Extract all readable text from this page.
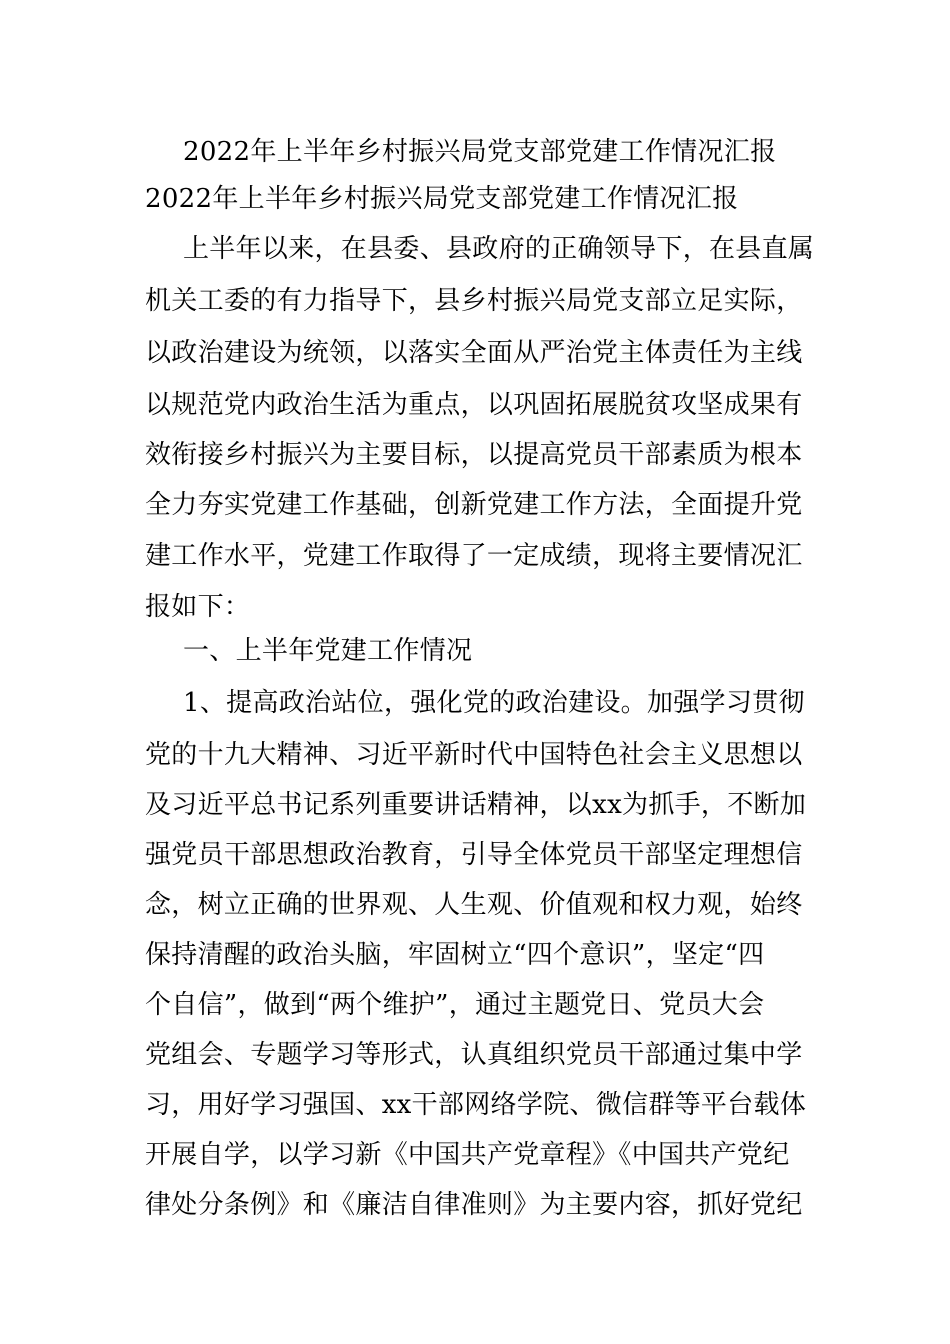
2022年上半年乡村振兴局党支部党建工作情况汇报
2022年上半年乡村振兴局党支部党建工作情况汇报
上半年以来，在县委、县政府的正确领导下，在县直属
机关工委的有力指导下，县乡村振兴局党支部立足实际，
以政治建设为统领，以落实全面从严治党主体责任为主线
以规范党内政治生活为重点，以巩固拓展脱贫攻坚成果有
效衔接乡村振兴为主要目标，以提高党员干部素质为根本
全力夯实党建工作基础，创新党建工作方法，全面提升党
建工作水平，党建工作取得了一定成绩，现将主要情况汇
报如下：
一、上半年党建工作情况
1、提高政治站位，强化党的政治建设。加强学习贯彻
党的十九大精神、习近平新时代中国特色社会主义思想以
及习近平总书记系列重要讲话精神，以xx为抓手，不断加
强党员干部思想政治教育，引导全体党员干部坚定理想信
念，树立正确的世界观、人生观、价值观和权力观，始终
保持清醒的政治头脑，牢固树立“四个意识”，坚定“四
个自信”，做到“两个维护”，通过主题党日、党员大会
党组会、专题学习等形式，认真组织党员干部通过集中学
习，用好学习强国、xx干部网络学院、微信群等平台载体
开展自学，以学习新《中国共产党章程》《中国共产党纪
律处分条例》和《廉洁自律准则》为主要内容，抓好党纪
